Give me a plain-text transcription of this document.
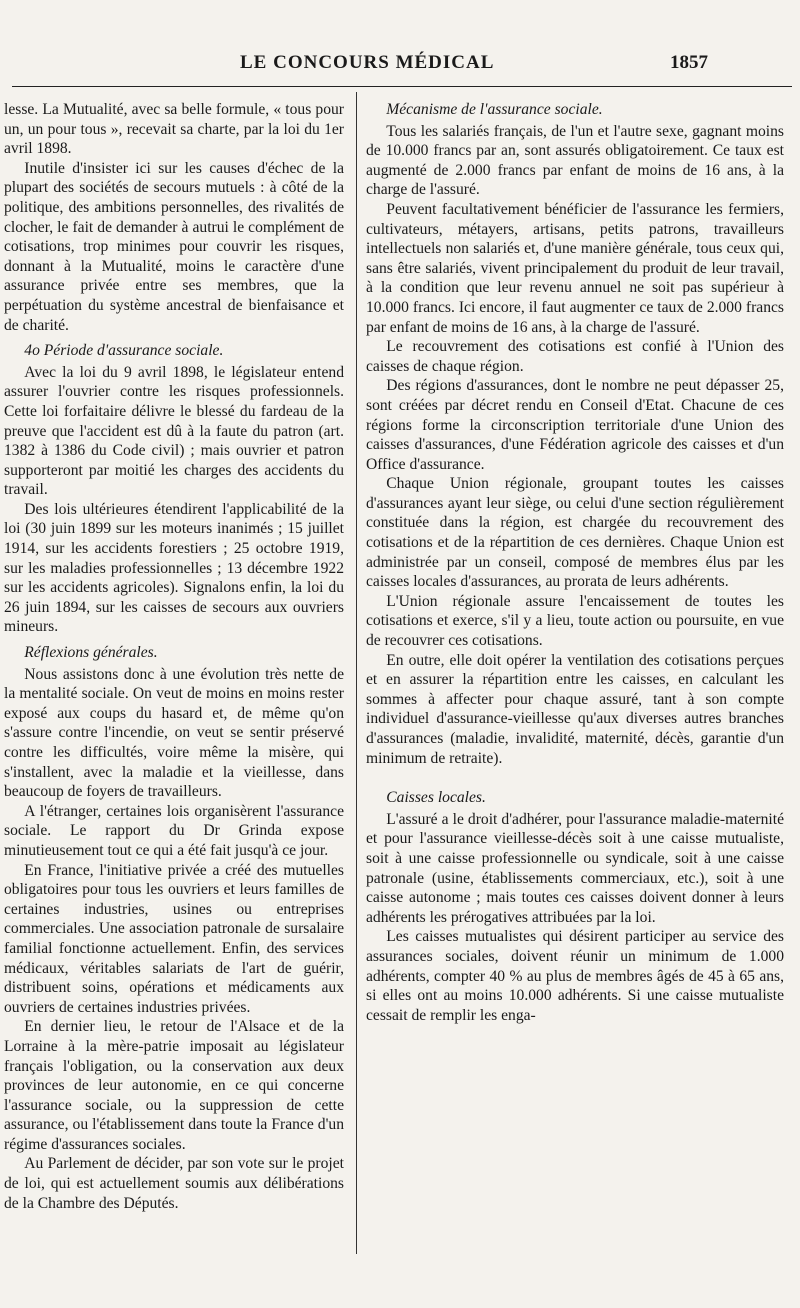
LE CONCOURS MÉDICAL	1857

lesse. La Mutualité, avec sa belle formule, « tous pour un, un pour tous », recevait sa charte, par la loi du 1er avril 1898.

Inutile d'insister ici sur les causes d'échec de la plupart des sociétés de secours mutuels : à côté de la politique, des ambitions personnelles, des rivalités de clocher, le fait de demander à autrui le complément de cotisations, trop minimes pour couvrir les risques, donnant à la Mutualité, moins le caractère d'une assurance privée entre ses membres, que la perpétuation du système ancestral de bienfaisance et de charité.

4o Période d'assurance sociale.

Avec la loi du 9 avril 1898, le législateur entend assurer l'ouvrier contre les risques professionnels. Cette loi forfaitaire délivre le blessé du fardeau de la preuve que l'accident est dû à la faute du patron (art. 1382 à 1386 du Code civil) ; mais ouvrier et patron supporteront par moitié les charges des accidents du travail.

Des lois ultérieures étendirent l'applicabilité de la loi (30 juin 1899 sur les moteurs inanimés ; 15 juillet 1914, sur les accidents forestiers ; 25 octobre 1919, sur les maladies professionnelles ; 13 décembre 1922 sur les accidents agricoles). Signalons enfin, la loi du 26 juin 1894, sur les caisses de secours aux ouvriers mineurs.

Réflexions générales.

Nous assistons donc à une évolution très nette de la mentalité sociale. On veut de moins en moins rester exposé aux coups du hasard et, de même qu'on s'assure contre l'incendie, on veut se sentir préservé contre les difficultés, voire même la misère, qui s'installent, avec la maladie et la vieillesse, dans beaucoup de foyers de travailleurs.

A l'étranger, certaines lois organisèrent l'assurance sociale. Le rapport du Dr Grinda expose minutieusement tout ce qui a été fait jusqu'à ce jour.

En France, l'initiative privée a créé des mutuelles obligatoires pour tous les ouvriers et leurs familles de certaines industries, usines ou entreprises commerciales. Une association patronale de sursalaire familial fonctionne actuellement. Enfin, des services médicaux, véritables salariats de l'art de guérir, distribuent soins, opérations et médicaments aux ouvriers de certaines industries privées.

En dernier lieu, le retour de l'Alsace et de la Lorraine à la mère-patrie imposait au législateur français l'obligation, ou la conservation aux deux provinces de leur autonomie, en ce qui concerne l'assurance sociale, ou la suppression de cette assurance, ou l'établissement dans toute la France d'un régime d'assurances sociales.

Au Parlement de décider, par son vote sur le projet de loi, qui est actuellement soumis aux délibérations de la Chambre des Députés.

Mécanisme de l'assurance sociale.

Tous les salariés français, de l'un et l'autre sexe, gagnant moins de 10.000 francs par an, sont assurés obligatoirement. Ce taux est augmenté de 2.000 francs par enfant de moins de 16 ans, à la charge de l'assuré.

Peuvent facultativement bénéficier de l'assurance les fermiers, cultivateurs, métayers, artisans, petits patrons, travailleurs intellectuels non salariés et, d'une manière générale, tous ceux qui, sans être salariés, vivent principalement du produit de leur travail, à la condition que leur revenu annuel ne soit pas supérieur à 10.000 francs. Ici encore, il faut augmenter ce taux de 2.000 francs par enfant de moins de 16 ans, à la charge de l'assuré.

Le recouvrement des cotisations est confié à l'Union des caisses de chaque région.

Des régions d'assurances, dont le nombre ne peut dépasser 25, sont créées par décret rendu en Conseil d'Etat. Chacune de ces régions forme la circonscription territoriale d'une Union des caisses d'assurances, d'une Fédération agricole des caisses et d'un Office d'assurance.

Chaque Union régionale, groupant toutes les caisses d'assurances ayant leur siège, ou celui d'une section régulièrement constituée dans la région, est chargée du recouvrement des cotisations et de la répartition de ces dernières. Chaque Union est administrée par un conseil, composé de membres élus par les caisses locales d'assurances, au prorata de leurs adhérents.

L'Union régionale assure l'encaissement de toutes les cotisations et exerce, s'il y a lieu, toute action ou poursuite, en vue de recouvrer ces cotisations.

En outre, elle doit opérer la ventilation des cotisations perçues et en assurer la répartition entre les caisses, en calculant les sommes à affecter pour chaque assuré, tant à son compte individuel d'assurance-vieillesse qu'aux diverses autres branches d'assurances (maladie, invalidité, maternité, décès, garantie d'un minimum de retraite).

Caisses locales.

L'assuré a le droit d'adhérer, pour l'assurance maladie-maternité et pour l'assurance vieillesse-décès soit à une caisse mutualiste, soit à une caisse professionnelle ou syndicale, soit à une caisse patronale (usine, établissements commerciaux, etc.), soit à une caisse autonome ; mais toutes ces caisses doivent donner à leurs adhérents les prérogatives attribuées par la loi.

Les caisses mutualistes qui désirent participer au service des assurances sociales, doivent réunir un minimum de 1.000 adhérents, compter 40 % au plus de membres âgés de 45 à 65 ans, si elles ont au moins 10.000 adhérents. Si une caisse mutualiste cessait de remplir les enga-
